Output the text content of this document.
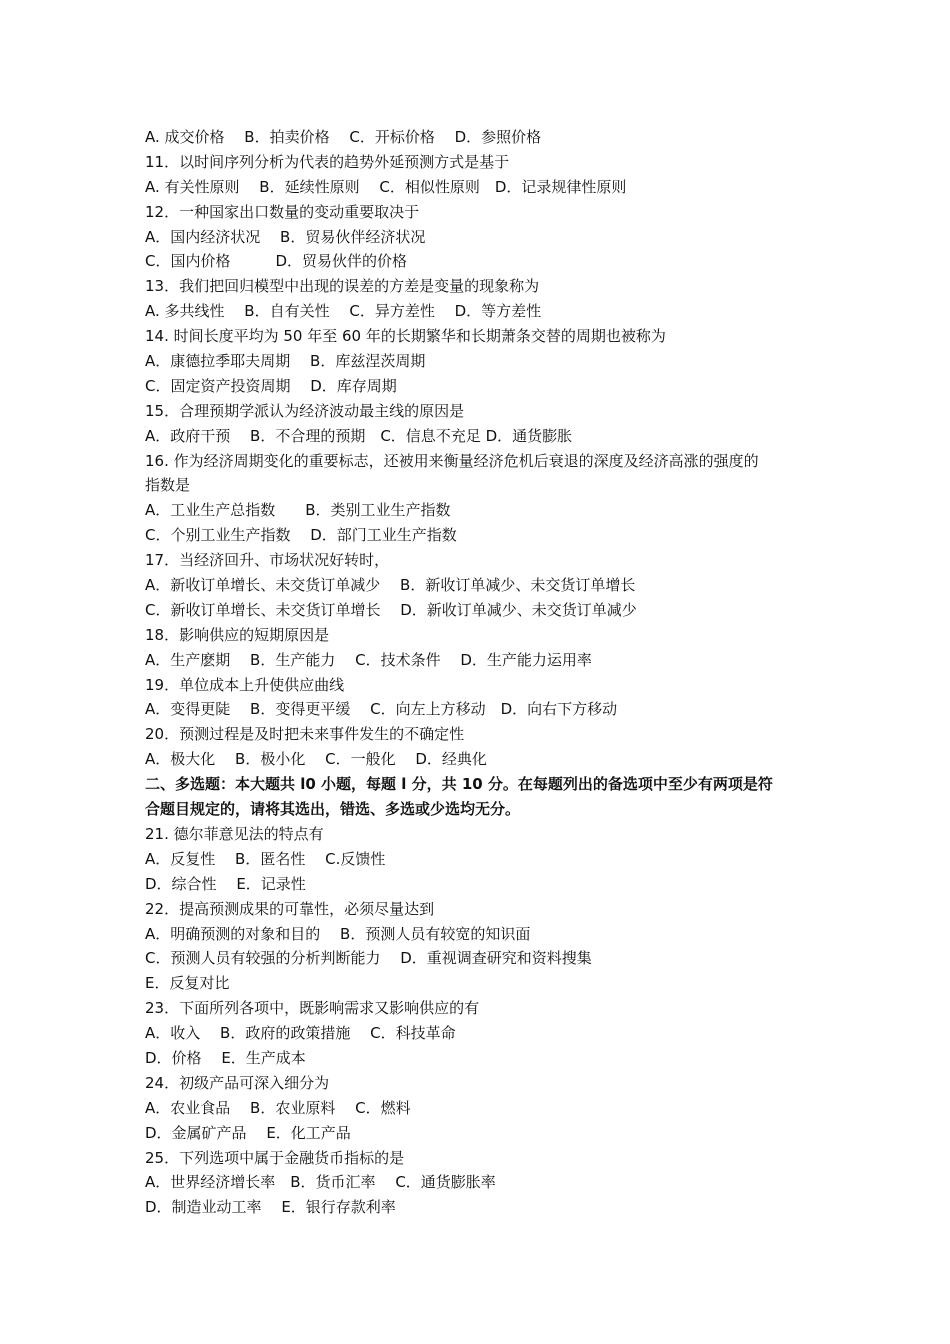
A. 成交价格　 B．拍卖价格　 C．开标价格　 D．参照价格
11．以时间序列分析为代表的趋势外延预测方式是基于
A. 有关性原则　 B．延续性原则　 C．相似性原则　D．记录规律性原则
12．一种国家出口数量的变动重要取决于
A．国内经济状况　 B．贸易伙伴经济状况
C．国内价格　　　D．贸易伙伴的价格
13．我们把回归模型中出现的误差的方差是变量的现象称为
A. 多共线性　 B．自有关性　 C．异方差性　 D．等方差性
14. 时间长度平均为 50 年至 60 年的长期繁华和长期萧条交替的周期也被称为
A．康德拉季耶夫周期　 B．库兹涅茨周期
C．固定资产投资周期　 D．库存周期
15．合理预期学派认为经济波动最主线的原因是
A．政府干预　 B．不合理的预期　C．信息不充足 D．通货膨胀
16. 作为经济周期变化的重要标志，还被用来衡量经济危机后衰退的深度及经济高涨的强度的
指数是
A．工业生产总指数　　B．类别工业生产指数
C．个别工业生产指数　 D．部门工业生产指数
17．当经济回升、市场状况好转时，
A．新收订单增长、未交货订单减少　 B．新收订单减少、未交货订单增长
C．新收订单增长、未交货订单增长　 D．新收订单减少、未交货订单减少
18．影响供应的短期原因是
A．生产麽期　 B．生产能力　 C．技术条件　 D．生产能力运用率
19．单位成本上升使供应曲线
A．变得更陡　 B．变得更平缓　 C．向左上方移动　D．向右下方移动
20．预测过程是及时把未来事件发生的不确定性
A．极大化　 B．极小化　 C．一般化　 D．经典化
二、多选题：本大题共 l0 小题，每题 l 分，共 10 分。在每题列出的备选项中至少有两项是符
合题目规定的，请将其选出，错选、多选或少选均无分。
21. 德尔菲意见法的特点有
A．反复性　 B．匿名性　 C.反馈性
D．综合性　 E．记录性
22．提高预测成果的可靠性，必须尽量达到
A．明确预测的对象和目的　 B．预测人员有较宽的知识面
C．预测人员有较强的分析判断能力　 D．重视调查研究和资料搜集
E．反复对比
23．下面所列各项中，既影响需求又影响供应的有
A．收入　 B．政府的政策措施　 C．科技革命
D．价格　 E．生产成本
24．初级产品可深入细分为
A．农业食品　 B．农业原料　 C．燃料
D．金属矿产品　 E．化工产品
25．下列选项中属于金融货币指标的是
A．世界经济增长率　B．货币汇率　 C．通货膨胀率
D．制造业动工率　 E．银行存款利率
